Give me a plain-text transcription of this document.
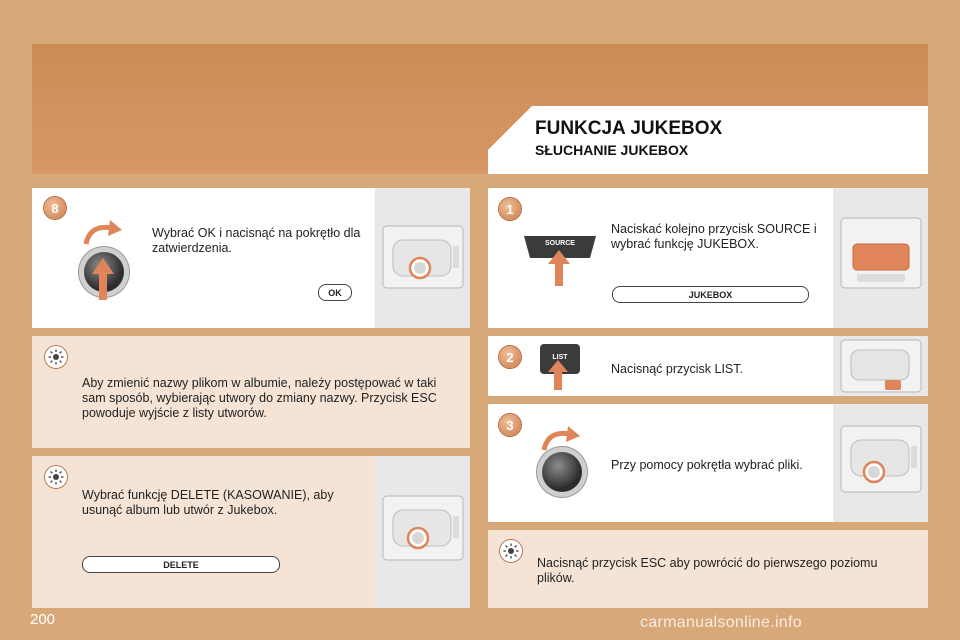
FUNKCJA JUKEBOX
SŁUCHANIE JUKEBOX
8
Wybrać OK i nacisnąć na pokrętło dla zatwierdzenia.
OK
Aby zmienić nazwy plikom w albumie, należy postępować w taki sam sposób, wybierając utwory do zmiany nazwy. Przycisk ESC powoduje wyjście z listy utworów.
Wybrać funkcję DELETE (KASOWANIE), aby usunąć album lub utwór z Jukebox.
DELETE
1
SOURCE
Naciskać kolejno przycisk SOURCE i wybrać funkcję JUKEBOX.
JUKEBOX
2	LIST
Nacisnąć przycisk LIST.
3
Przy pomocy pokrętła wybrać pliki.
Nacisnąć przycisk ESC aby powrócić do pierwszego poziomu plików.
200	carmanualsonline.info
